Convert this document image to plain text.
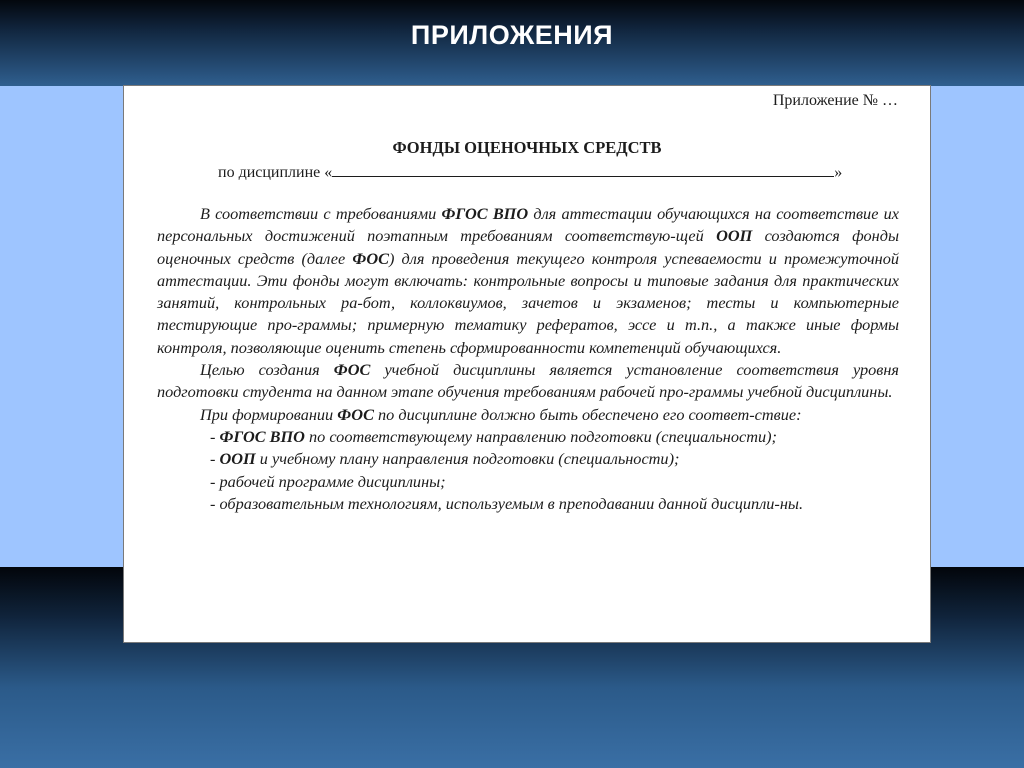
ПРИЛОЖЕНИЯ
Приложение № …
ФОНДЫ ОЦЕНОЧНЫХ СРЕДСТВ
по дисциплине «	»

В соответствии с требованиями ФГОС ВПО для аттестации обучающихся на соответствие их персональных достижений поэтапным требованиям соответствую-щей ООП создаются фонды оценочных средств (далее ФОС) для проведения текущего контроля успеваемости и промежуточной аттестации. Эти фонды могут включать: контрольные вопросы и типовые задания для практических занятий, контрольных ра-бот, коллоквиумов, зачетов и экзаменов; тесты и компьютерные тестирующие про-граммы; примерную тематику рефератов, эссе и т.п., а также иные формы контроля, позволяющие оценить степень сформированности компетенций обучающихся.

Целью создания ФОС учебной дисциплины является установление соответствия уровня подготовки студента на данном этапе обучения требованиям рабочей про-граммы учебной дисциплины.

При формировании ФОС по дисциплине должно быть обеспечено его соответ-ствие:

- ФГОС ВПО по соответствующему направлению подготовки (специальности);

- ООП и учебному плану направления подготовки (специальности);

- рабочей программе дисциплины;

- образовательным технологиям, используемым в преподавании данной дисципли-ны.
